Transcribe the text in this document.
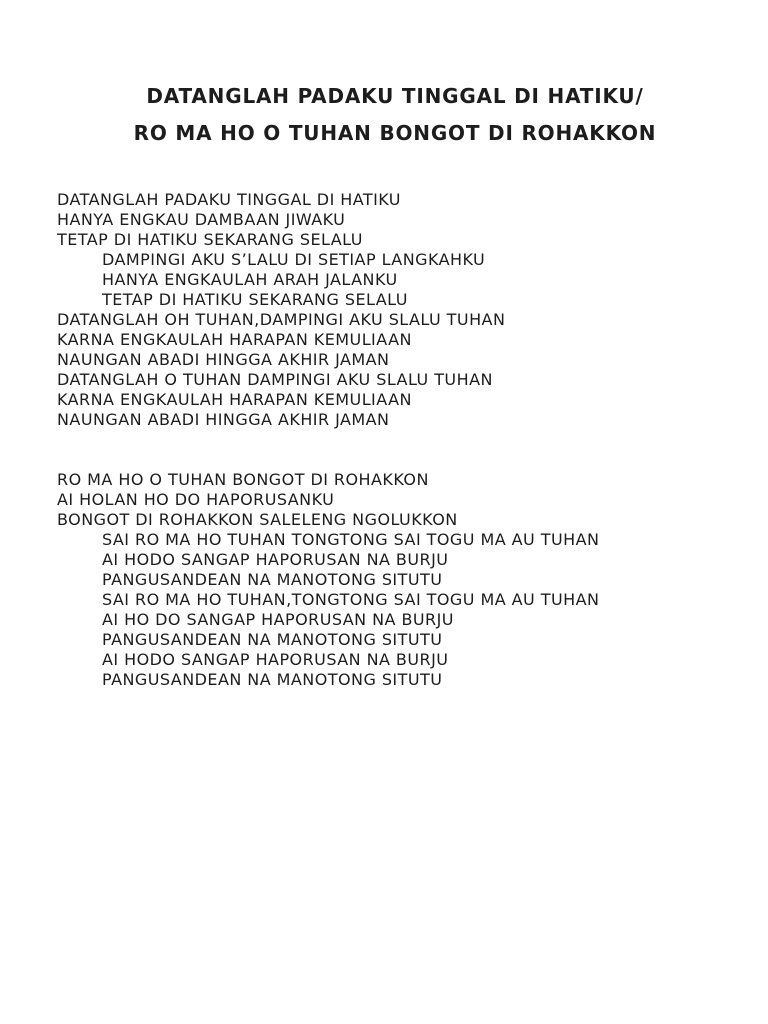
DATANGLAH PADAKU TINGGAL DI HATIKU/
RO MA HO O TUHAN BONGOT DI ROHAKKON
DATANGLAH PADAKU TINGGAL DI HATIKU
HANYA ENGKAU DAMBAAN JIWAKU
TETAP DI HATIKU SEKARANG SELALU
DAMPINGI AKU S’LALU DI SETIAP LANGKAHKU
HANYA ENGKAULAH ARAH JALANKU
TETAP DI HATIKU SEKARANG SELALU
DATANGLAH OH TUHAN,DAMPINGI AKU SLALU TUHAN
KARNA ENGKAULAH HARAPAN KEMULIAAN
NAUNGAN ABADI HINGGA AKHIR JAMAN
DATANGLAH O TUHAN DAMPINGI AKU SLALU TUHAN
KARNA ENGKAULAH HARAPAN KEMULIAAN
NAUNGAN ABADI HINGGA AKHIR JAMAN
RO MA HO O TUHAN BONGOT DI ROHAKKON
AI HOLAN HO DO HAPORUSANKU
BONGOT DI ROHAKKON SALELENG NGOLUKKON
SAI RO MA HO TUHAN TONGTONG SAI TOGU MA AU TUHAN
AI HODO SANGAP HAPORUSAN NA BURJU
PANGUSANDEAN NA MANOTONG SITUTU
SAI RO MA HO TUHAN,TONGTONG SAI TOGU MA AU TUHAN
AI HO DO SANGAP HAPORUSAN NA BURJU
PANGUSANDEAN NA MANOTONG SITUTU
AI HODO SANGAP HAPORUSAN NA BURJU
PANGUSANDEAN NA MANOTONG SITUTU
